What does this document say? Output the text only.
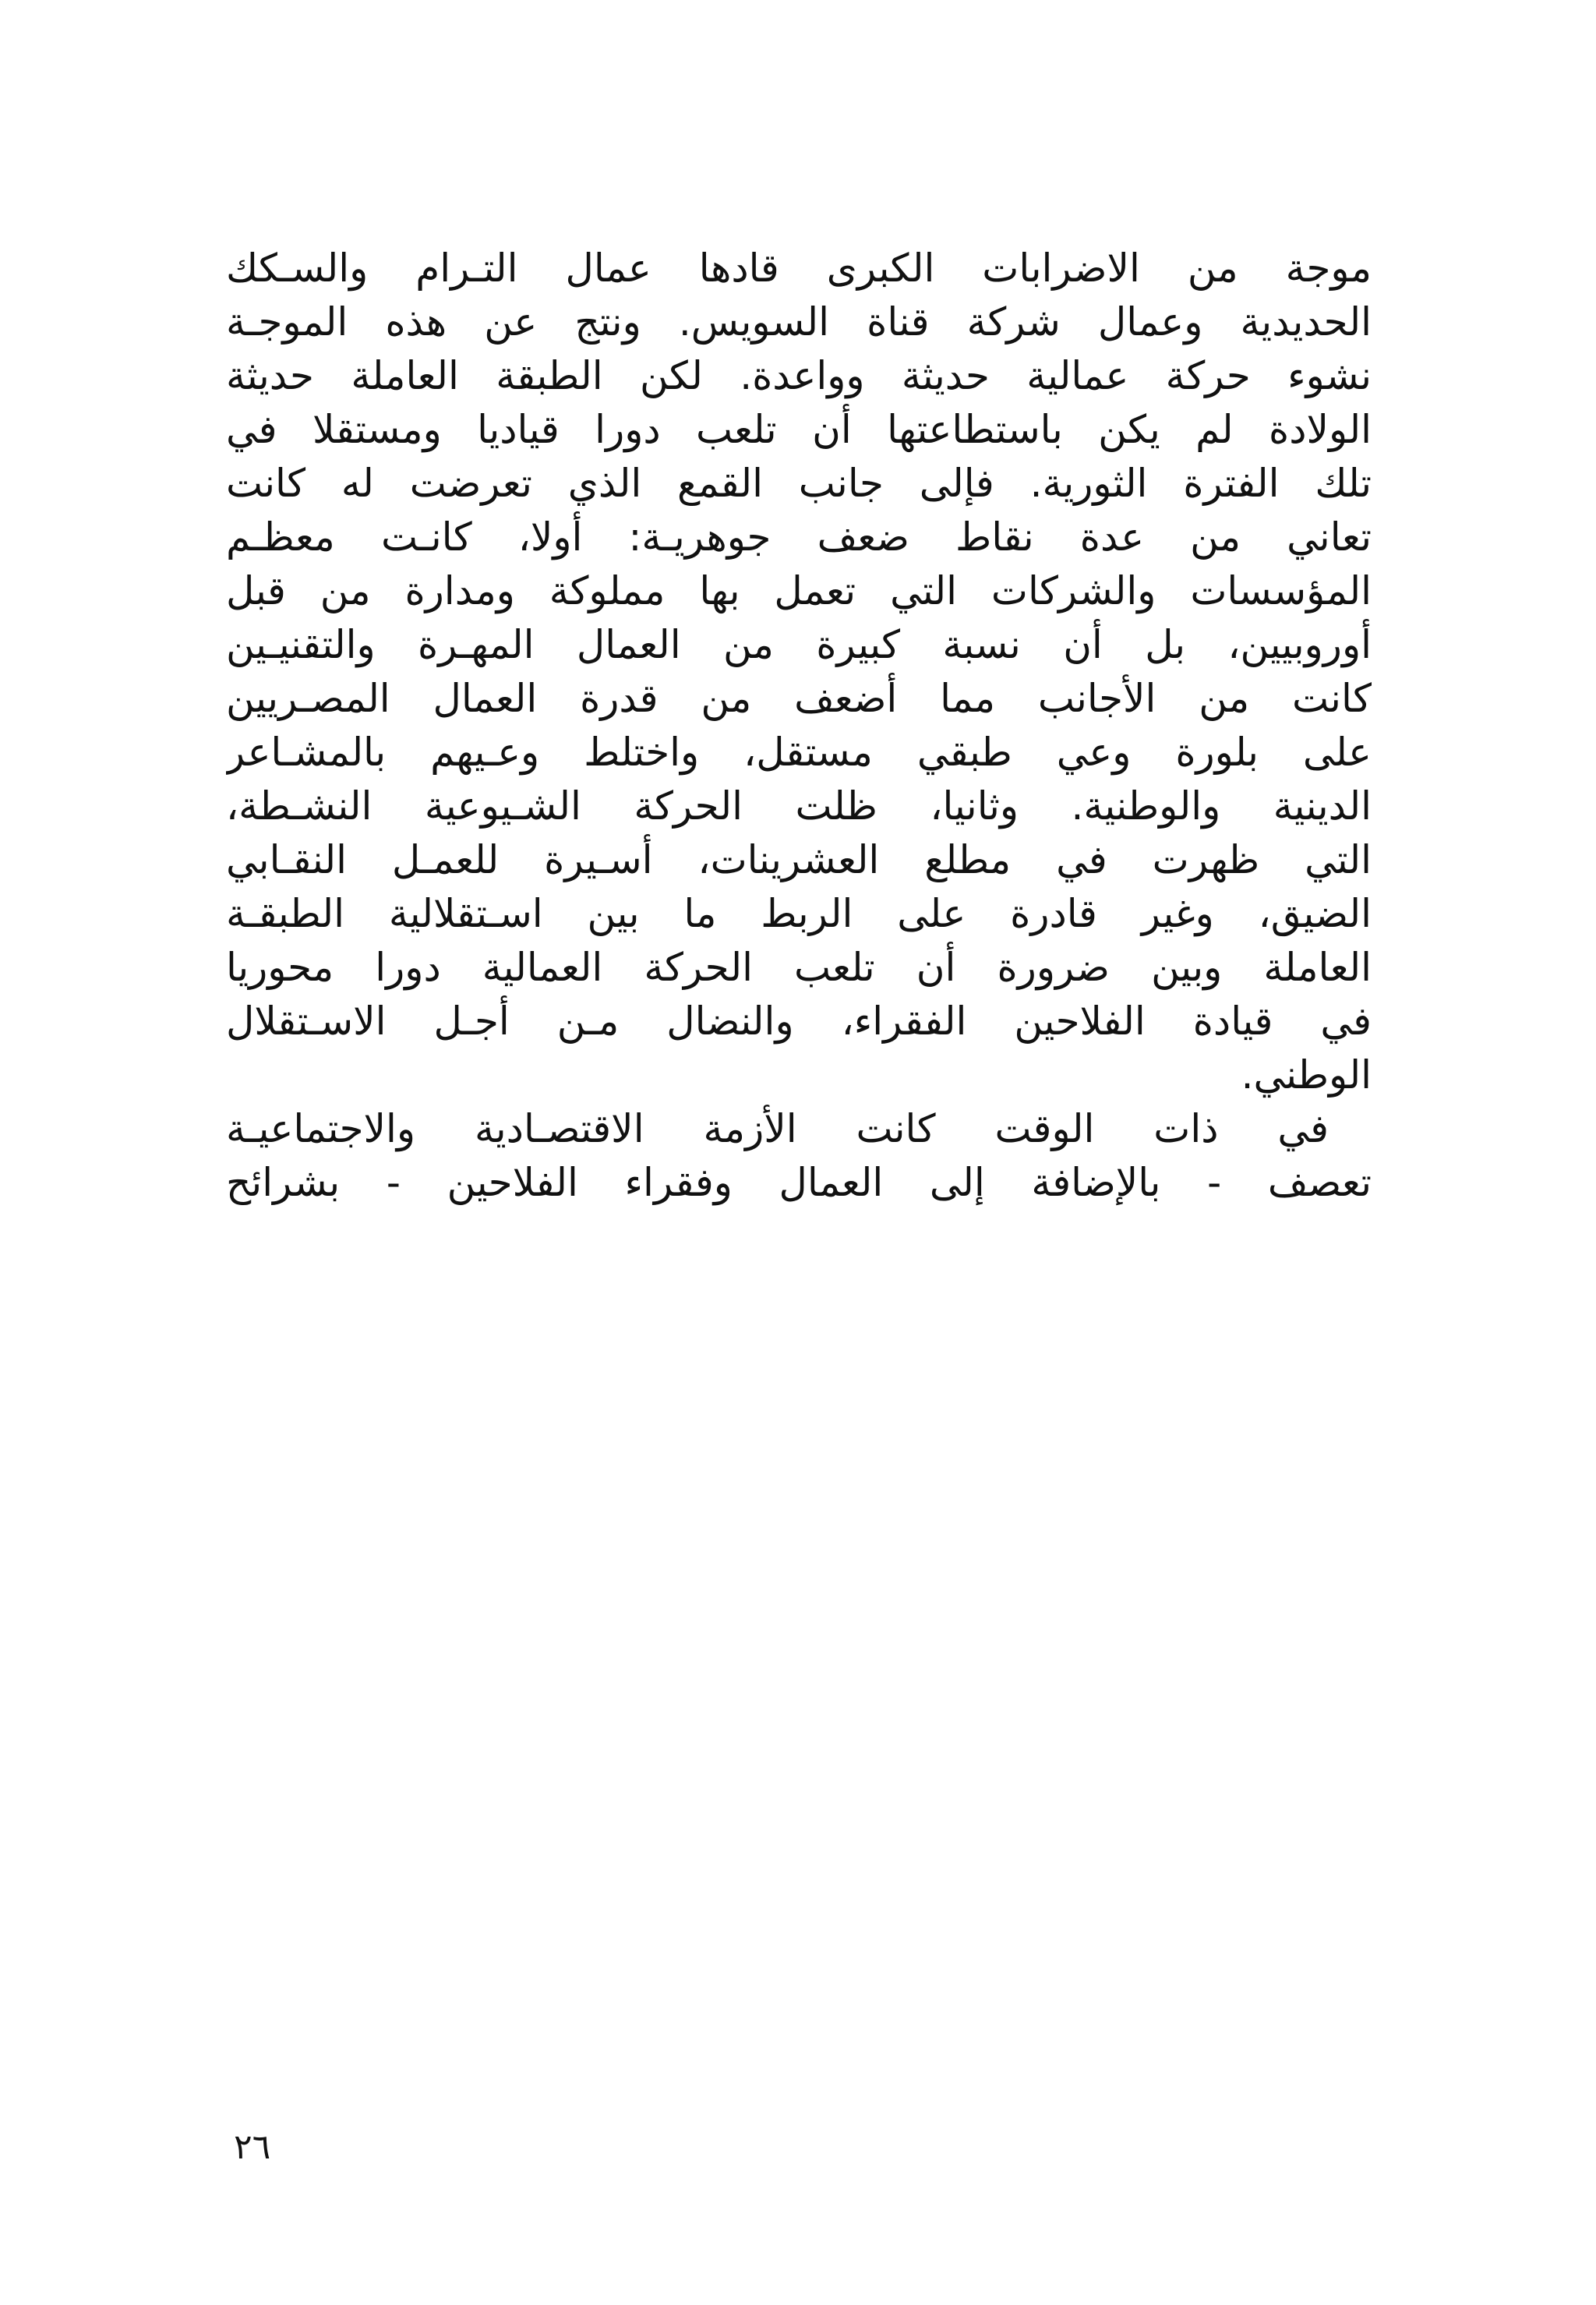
موجة من الاضرابات الكبرى قادها عمال التـرام والسـكك
الحديدية وعمال شركة قناة السويس. ونتج عن هذه الموجـة
نشوء حركة عمالية حديثة وواعدة. لكن الطبقة العاملة حديثة
الولادة لم يكن باستطاعتها أن تلعب دورا قياديا ومستقلا في
تلك الفترة الثورية. فإلى جانب القمع الذي تعرضت له كانت
تعاني من عدة نقاط ضعف جوهريـة: أولا، كانـت معظـم
المؤسسات والشركات التي تعمل بها مملوكة ومدارة من قبل
أوروبيين، بل أن نسبة كبيرة من العمال المهـرة والتقنيـين
كانت من الأجانب مما أضعف من قدرة العمال المصـريين
على بلورة وعي طبقي مستقل، واختلط وعـيهم بالمشـاعر
الدينية والوطنية. وثانيا، ظلت الحركة الشـيوعية النشـطة،
التي ظهرت في مطلع العشرينات، أسـيرة للعمـل النقـابي
الضيق، وغير قادرة على الربط ما بين اسـتقلالية الطبقـة
العاملة وبين ضرورة أن تلعب الحركة العمالية دورا محوريا
في قيادة الفلاحين الفقراء، والنضال مـن أجـل الاسـتقلال
الوطني.
في ذات الوقت كانت الأزمة الاقتصـادية والاجتماعيـة
تعصف - بالإضافة إلى العمال وفقراء الفلاحين - بشرائح
٢٦
